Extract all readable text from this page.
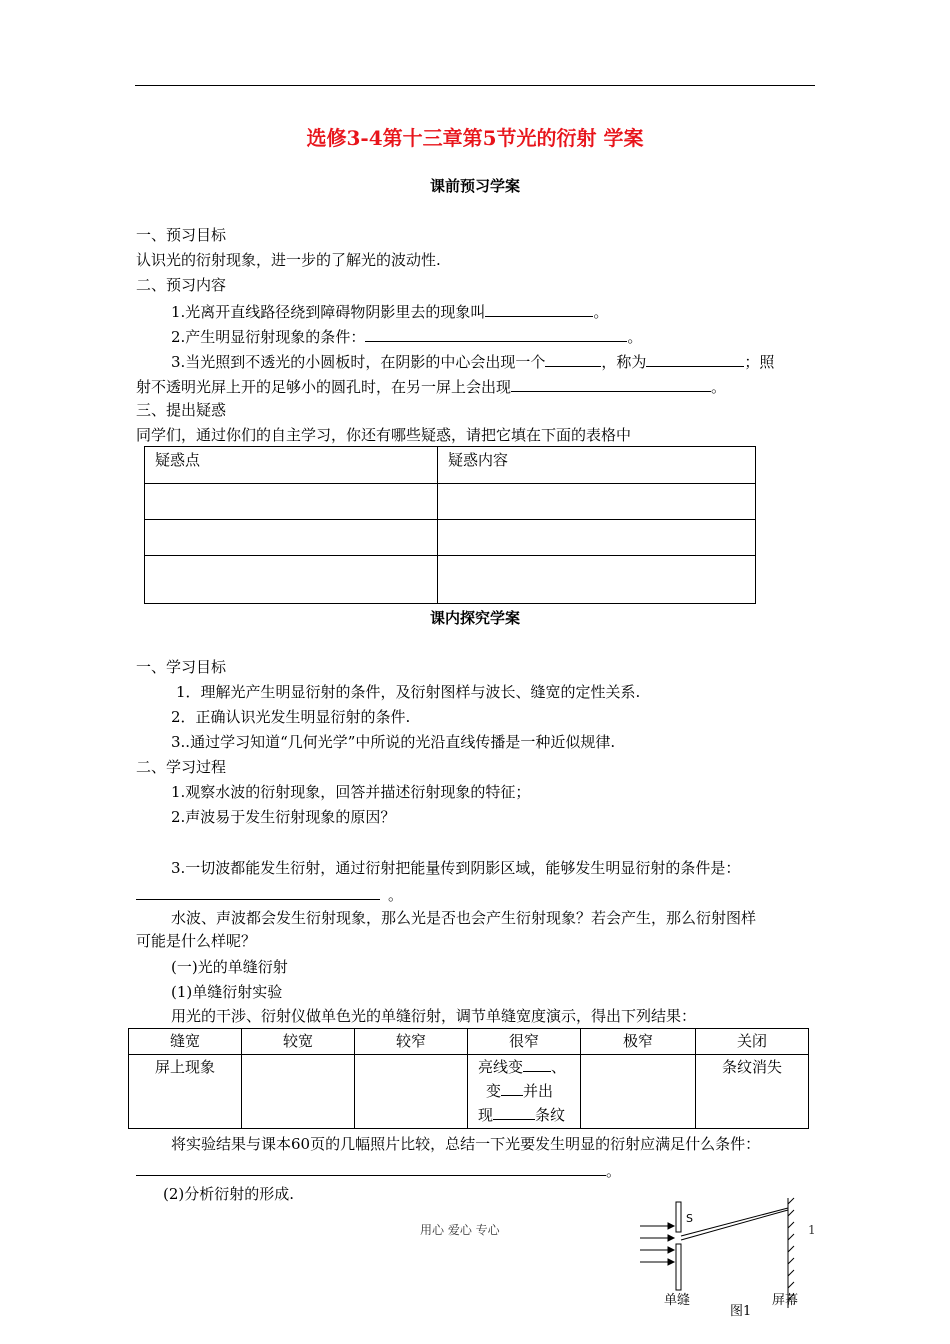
选修3-4第十三章第5节光的衍射 学案
课前预习学案
一、预习目标
认识光的衍射现象，进一步的了解光的波动性.
二、预习内容
1.光离开直线路径绕到障碍物阴影里去的现象叫	。
2.产生明显衍射现象的条件：	。
3.当光照到不透光的小圆板时，在阴影的中心会出现一个	，称为	；照
射不透明光屏上开的足够小的圆孔时，在另一屏上会出现	。
三、提出疑惑
同学们，通过你们的自主学习，你还有哪些疑惑，请把它填在下面的表格中
疑惑点	疑惑内容

课内探究学案
一、学习目标
1．理解光产生明显衍射的条件，及衍射图样与波长、缝宽的定性关系.
2．正确认识光发生明显衍射的条件.
3..通过学习知道“几何光学”中所说的光沿直线传播是一种近似规律.
二、学习过程
1.观察水波的衍射现象，回答并描述衍射现象的特征；
2.声波易于发生衍射现象的原因？
3.一切波都能发生衍射，通过衍射把能量传到阴影区域，能够发生明显衍射的条件是：
。
水波、声波都会发生衍射现象，那么光是否也会产生衍射现象？若会产生，那么衍射图样
可能是什么样呢？
(一)光的单缝衍射
(1)单缝衍射实验
用光的干涉、衍射仪做单色光的单缝衍射，调节单缝宽度演示，得出下列结果：
缝宽	较宽	较窄	很窄	极窄	关闭
屏上现象			亮线变 、
变 并出
现 条纹		条纹消失
将实验结果与课本60页的几幅照片比较，总结一下光要发生明显的衍射应满足什么条件：
。
(2)分析衍射的形成.
用心 爱心 专心	1
S
单缝	屏幕
图1
